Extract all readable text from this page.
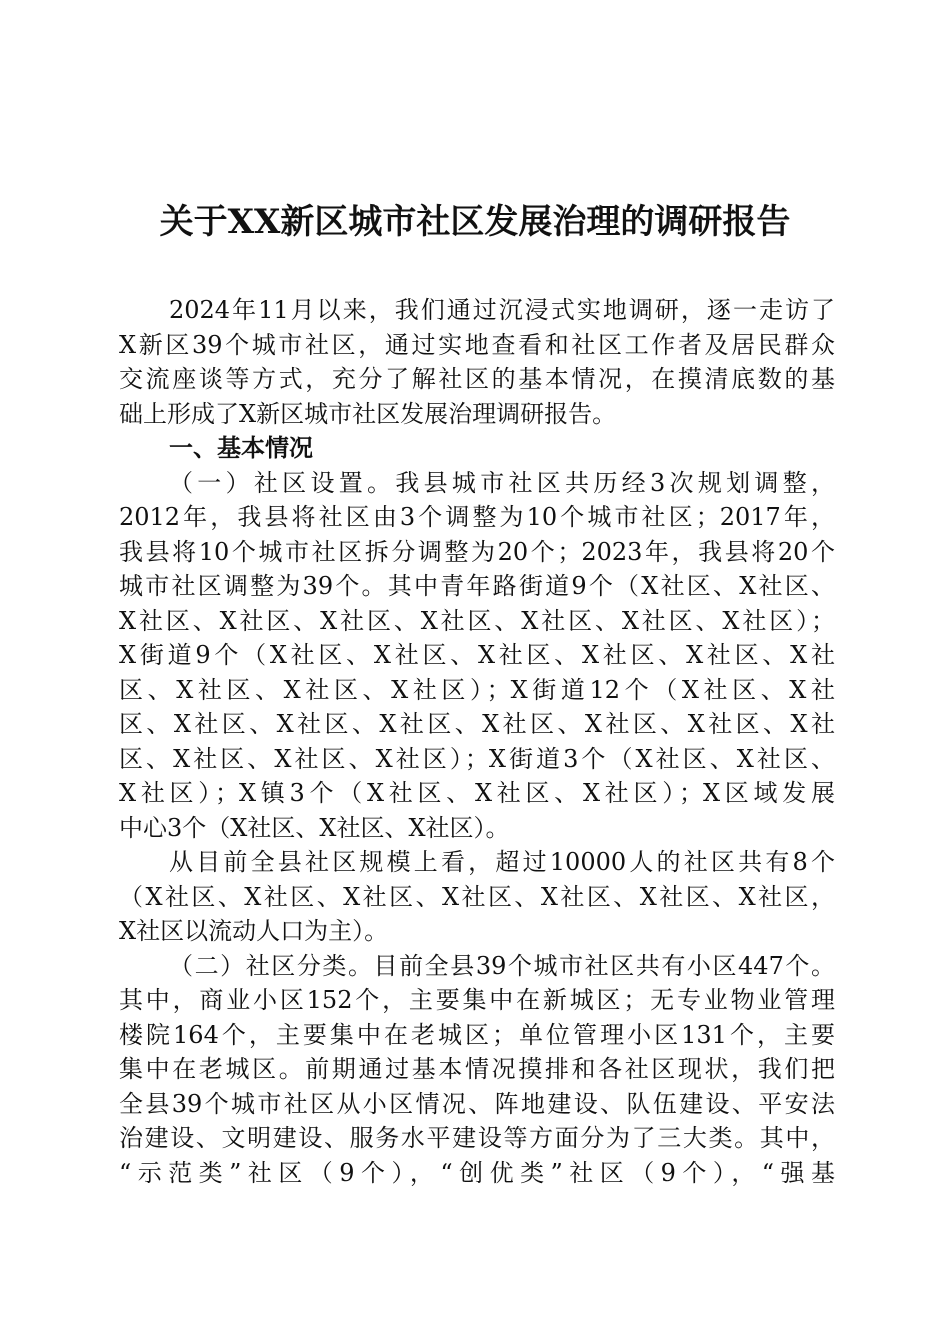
关于XX新区城市社区发展治理的调研报告
2024年11月以来，我们通过沉浸式实地调研，逐一走访了
X新区39个城市社区，通过实地查看和社区工作者及居民群众
交流座谈等方式，充分了解社区的基本情况，在摸清底数的基
础上形成了X新区城市社区发展治理调研报告。
一、基本情况
（一）社区设置。我县城市社区共历经3次规划调整，
2012年，我县将社区由3个调整为10个城市社区；2017年，
我县将10个城市社区拆分调整为20个；2023年，我县将20个
城市社区调整为39个。其中青年路街道9个（X社区、X社区、
X社区、X社区、X社区、X社区、X社区、X社区、X社区）；
X街道9个（X社区、X社区、X社区、X社区、X社区、X社
区、X社区、X社区、X社区）；X街道12个（X社区、X社
区、X社区、X社区、X社区、X社区、X社区、X社区、X社
区、X社区、X社区、X社区）；X街道3个（X社区、X社区、
X社区）；X镇3个（X社区、X社区、X社区）；X区域发展
中心3个（X社区、X社区、X社区）。
从目前全县社区规模上看，超过10000人的社区共有8个
（X社区、X社区、X社区、X社区、X社区、X社区、X社区，
X社区以流动人口为主）。
（二）社区分类。目前全县39个城市社区共有小区447个。
其中，商业小区152个，主要集中在新城区；无专业物业管理
楼院164个，主要集中在老城区；单位管理小区131个，主要
集中在老城区。前期通过基本情况摸排和各社区现状，我们把
全县39个城市社区从小区情况、阵地建设、队伍建设、平安法
治建设、文明建设、服务水平建设等方面分为了三大类。其中，
“示范类”社区（9个），“创优类”社区（9个），“强基
